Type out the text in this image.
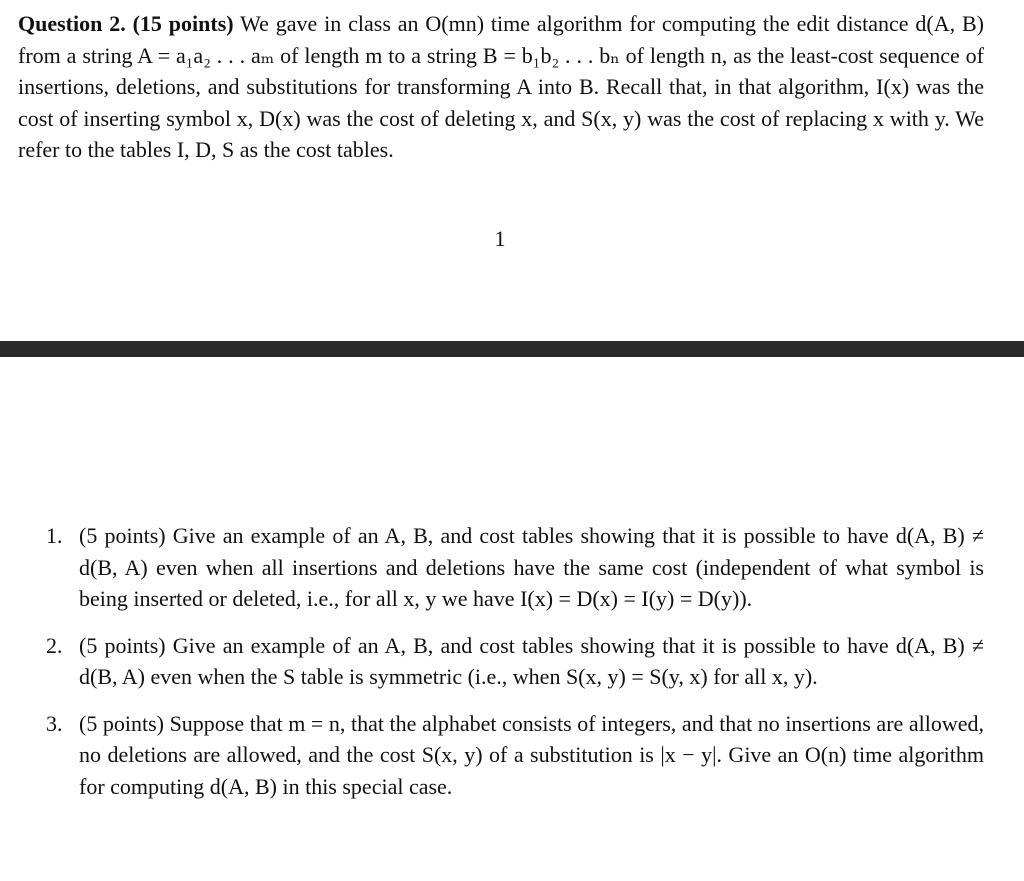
Question 2. (15 points) We gave in class an O(mn) time algorithm for computing the edit distance d(A, B) from a string A = a₁a₂ . . . aₘ of length m to a string B = b₁b₂ . . . bₙ of length n, as the least-cost sequence of insertions, deletions, and substitutions for transforming A into B. Recall that, in that algorithm, I(x) was the cost of inserting symbol x, D(x) was the cost of deleting x, and S(x, y) was the cost of replacing x with y. We refer to the tables I, D, S as the cost tables.
1
1. (5 points) Give an example of an A, B, and cost tables showing that it is possible to have d(A, B) ≠ d(B, A) even when all insertions and deletions have the same cost (independent of what symbol is being inserted or deleted, i.e., for all x, y we have I(x) = D(x) = I(y) = D(y)).
2. (5 points) Give an example of an A, B, and cost tables showing that it is possible to have d(A, B) ≠ d(B, A) even when the S table is symmetric (i.e., when S(x, y) = S(y, x) for all x, y).
3. (5 points) Suppose that m = n, that the alphabet consists of integers, and that no insertions are allowed, no deletions are allowed, and the cost S(x, y) of a substitution is |x − y|. Give an O(n) time algorithm for computing d(A, B) in this special case.
